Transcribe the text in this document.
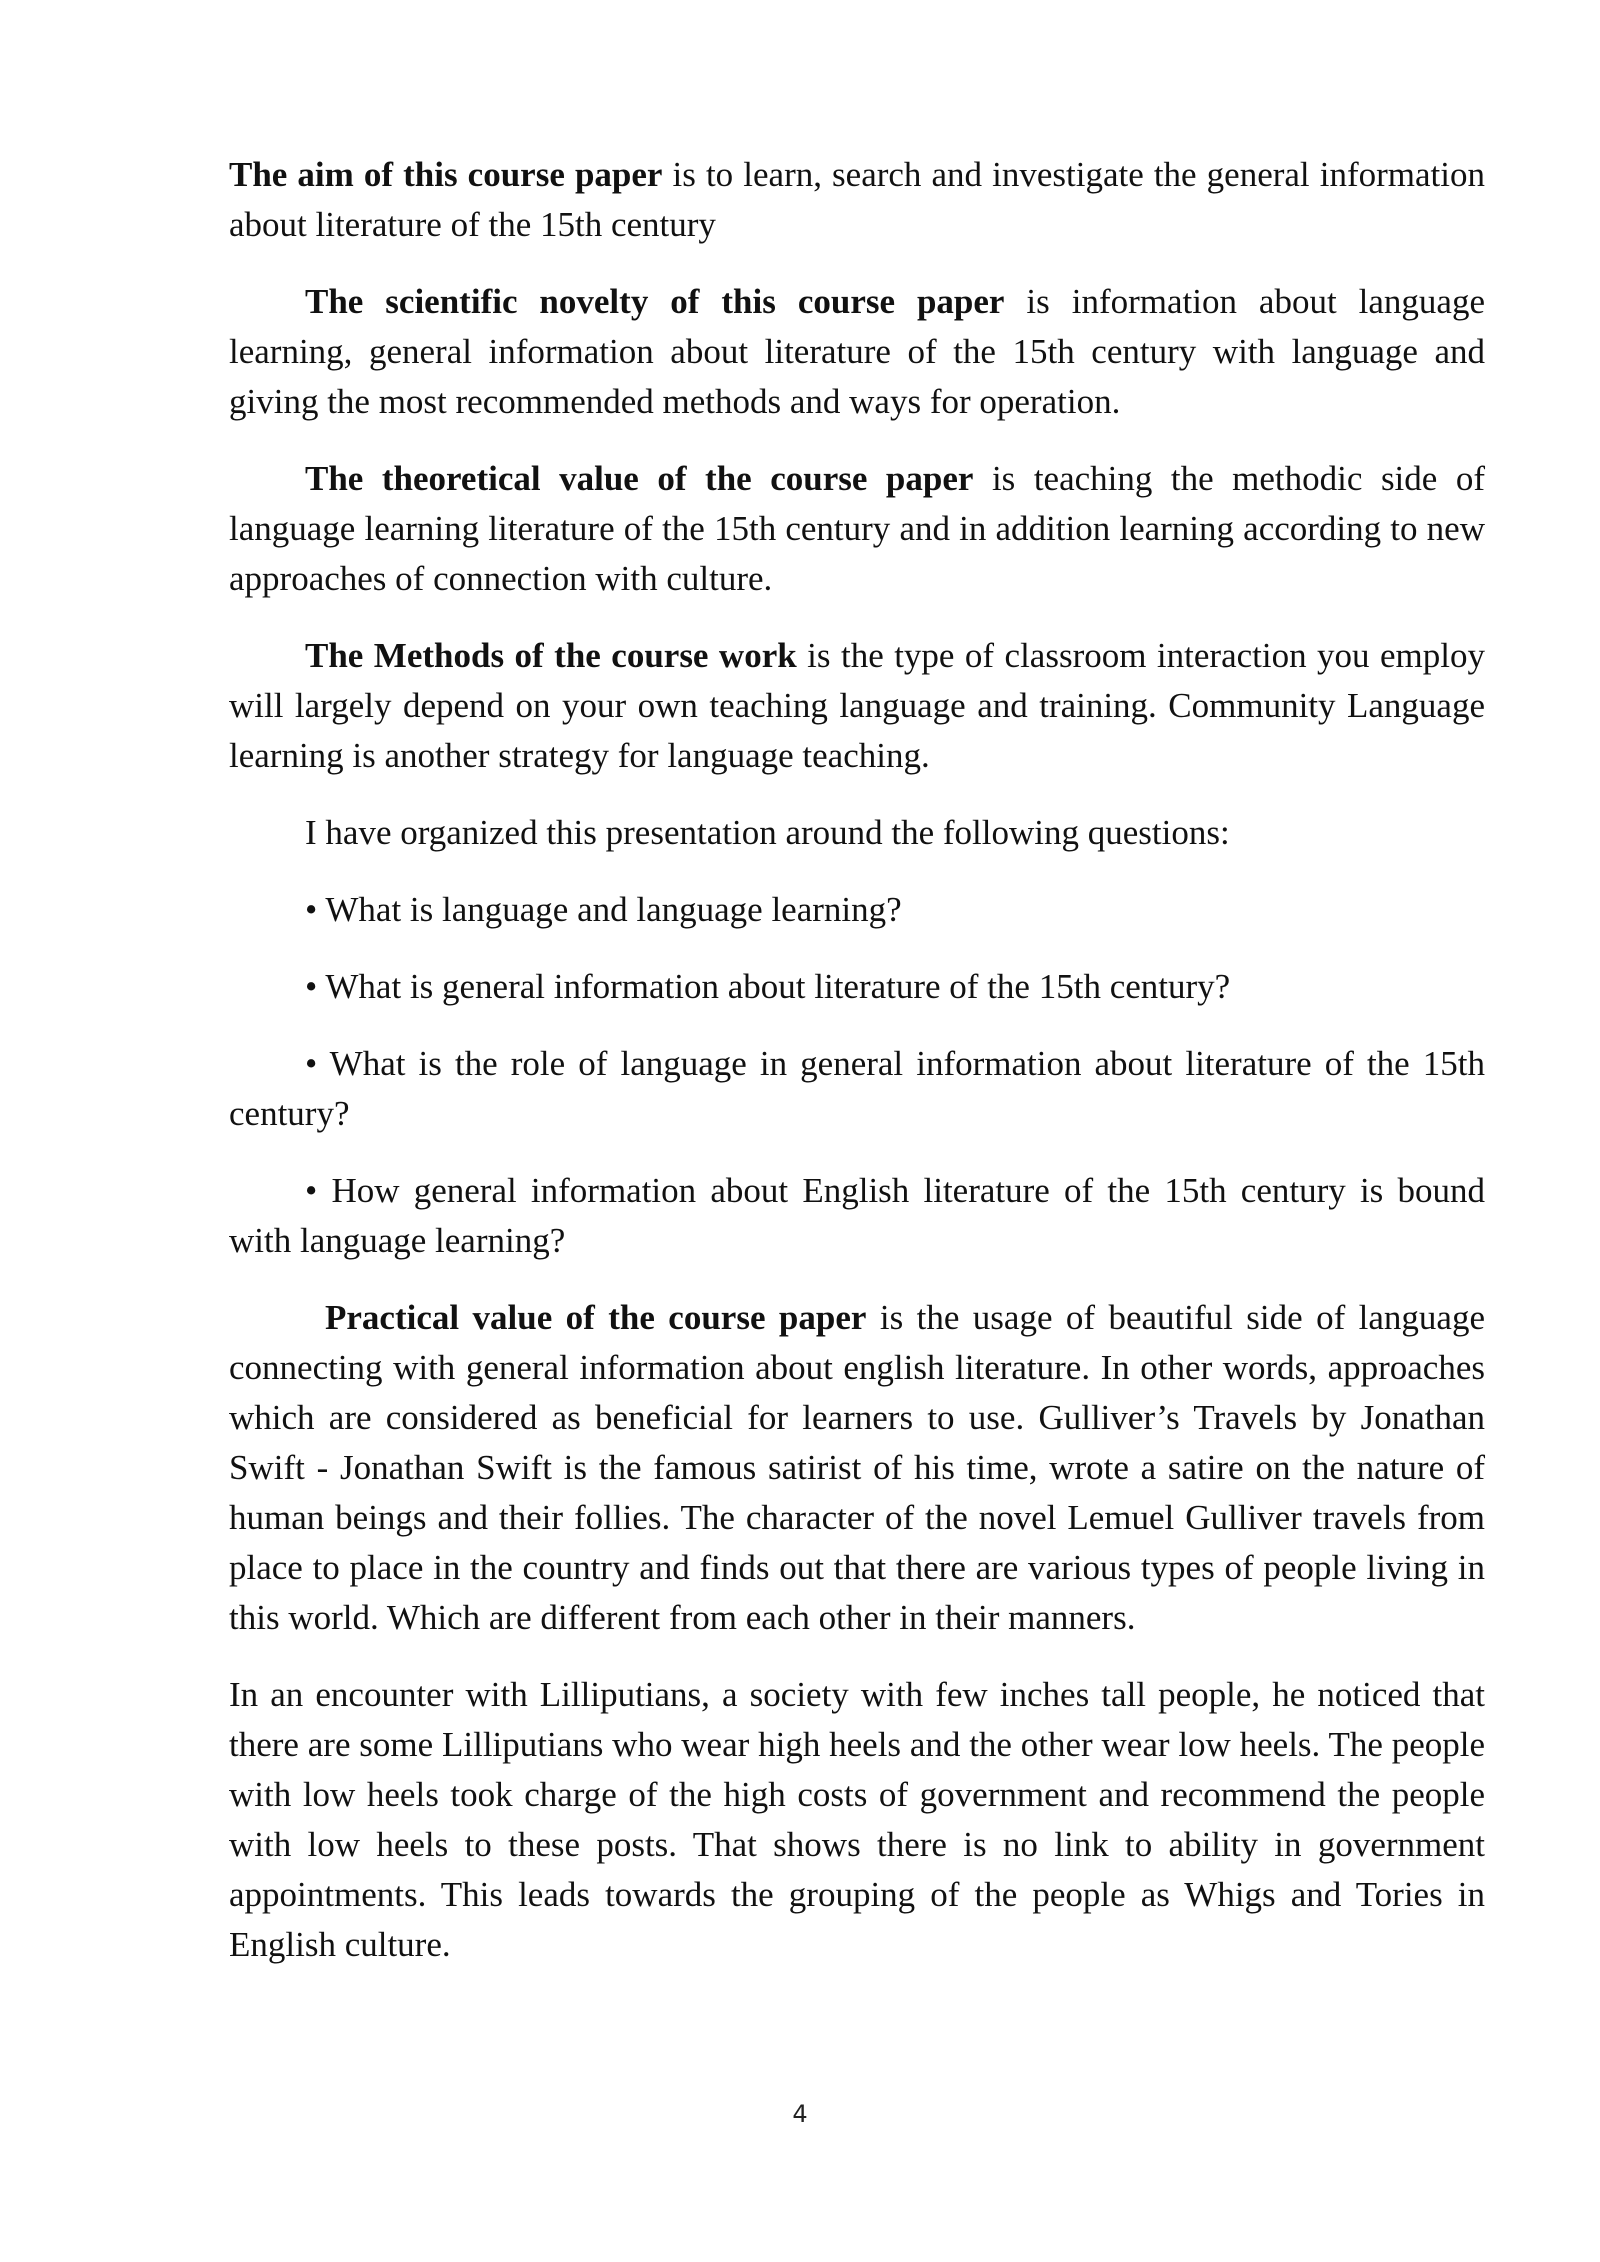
The aim of this course paper is to learn, search and investigate the general information about literature of the 15th century

The scientific novelty of this course paper is information about language learning, general information about literature of the 15th century with language and giving the most recommended methods and ways for operation.

The theoretical value of the course paper is teaching the methodic side of language learning literature of the 15th century and in addition learning according to new approaches of connection with culture.

The Methods of the course work is the type of classroom interaction you employ will largely depend on your own teaching language and training. Community Language learning is another strategy for language teaching.

I have organized this presentation around the following questions:

• What is language and language learning?

• What is general information about literature of the 15th century?

• What is the role of language in general information about literature of the 15th century?

• How general information about English literature of the 15th century is bound with language learning?

Practical value of the course paper is the usage of beautiful side of language connecting with general information about english literature. In other words, approaches which are considered as beneficial for learners to use. Gulliver’s Travels by Jonathan Swift - Jonathan Swift is the famous satirist of his time, wrote a satire on the nature of human beings and their follies. The character of the novel Lemuel Gulliver travels from place to place in the country and finds out that there are various types of people living in this world. Which are different from each other in their manners.

In an encounter with Lilliputians, a society with few inches tall people, he noticed that there are some Lilliputians who wear high heels and the other wear low heels. The people with low heels took charge of the high costs of government and recommend the people with low heels to these posts. That shows there is no link to ability in government appointments. This leads towards the grouping of the people as Whigs and Tories in English culture.

4
